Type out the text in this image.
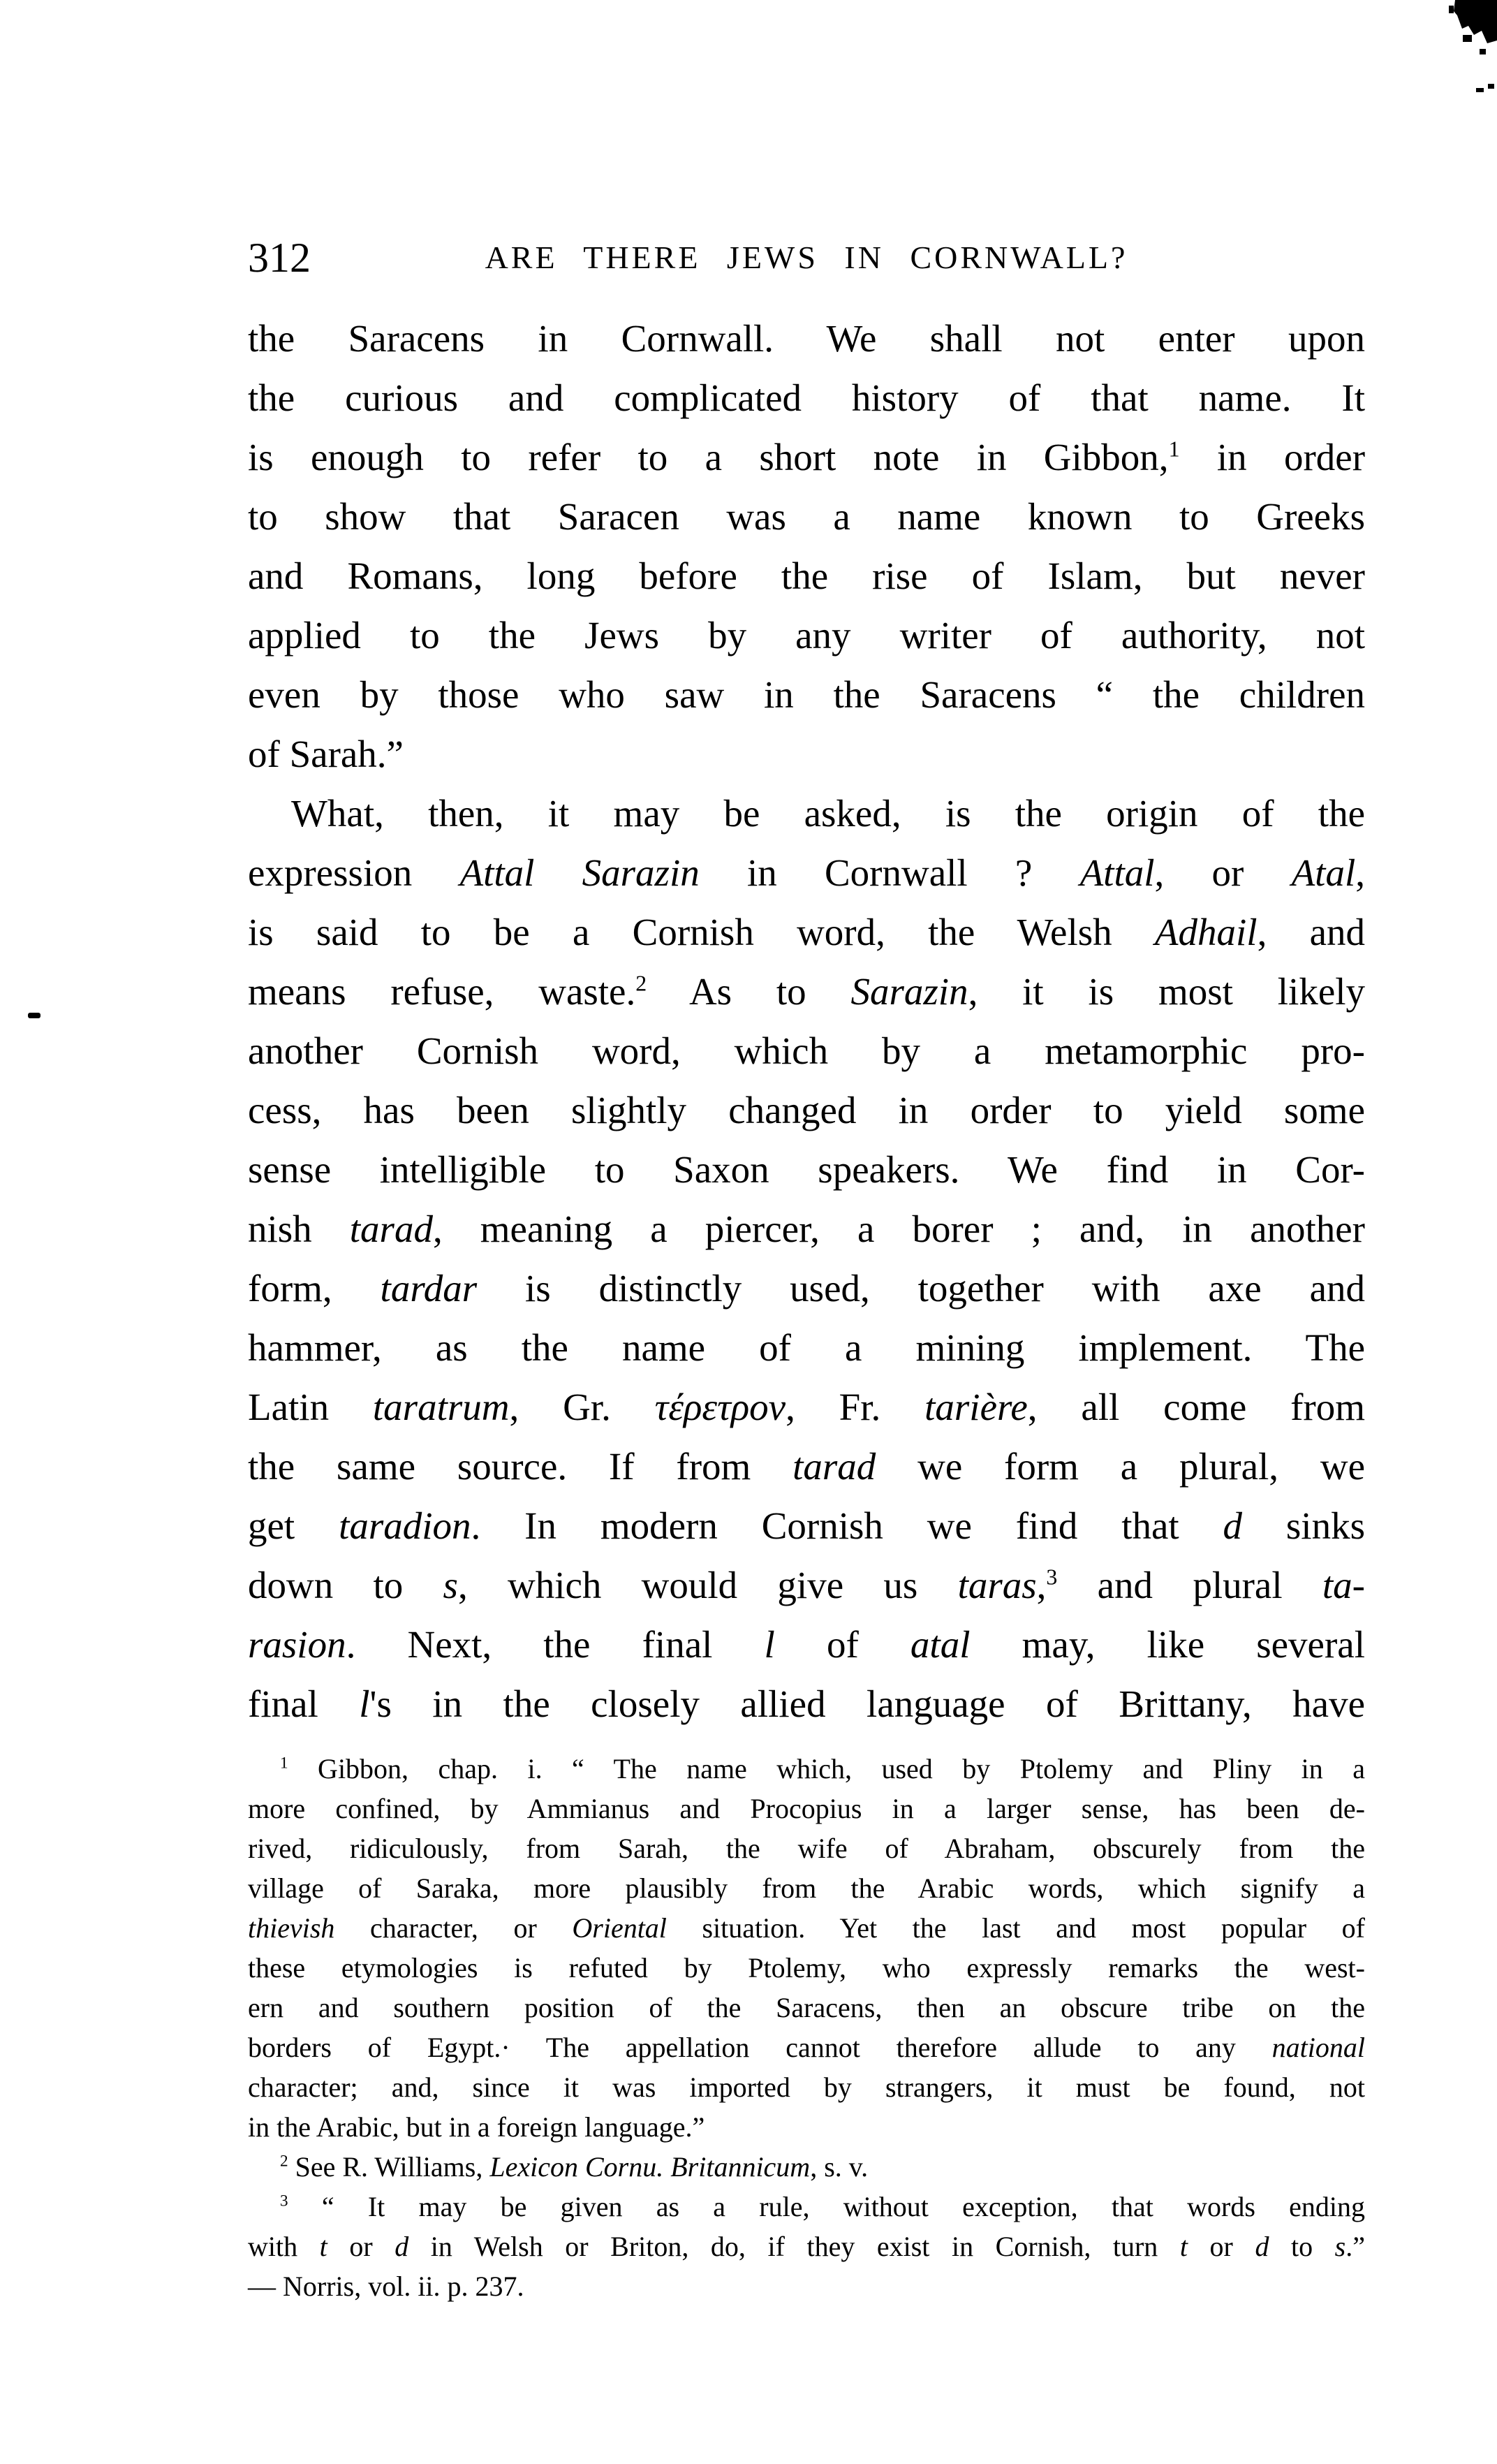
312	ARE THERE JEWS IN CORNWALL?
the Saracens in Cornwall. We shall not enter upon
the curious and complicated history of that name. It
is enough to refer to a short note in Gibbon,$^1$ in order
to show that Saracen was a name known to Greeks
and Romans, long before the rise of Islam, but never
applied to the Jews by any writer of authority, not
even by those who saw in the Saracens “ the children
of Sarah.”
What, then, it may be asked, is the origin of the
expression Attal Sarazin in Cornwall ? Attal, or Atal,
is said to be a Cornish word, the Welsh Adhail, and
means refuse, waste.$^2$ As to Sarazin, it is most likely
another Cornish word, which by a metamorphic pro-
cess, has been slightly changed in order to yield some
sense intelligible to Saxon speakers. We find in Cor-
nish tarad, meaning a piercer, a borer ; and, in another
form, tardar is distinctly used, together with axe and
hammer, as the name of a mining implement. The
Latin taratrum, Gr. τέρετρον, Fr. tarière, all come from
the same source. If from tarad we form a plural, we
get taradion. In modern Cornish we find that d sinks
down to s, which would give us taras,$^3$ and plural ta-
rasion. Next, the final l of atal may, like several
final l's in the closely allied language of Brittany, have
$^1$ Gibbon, chap. i. “ The name which, used by Ptolemy and Pliny in a
more confined, by Ammianus and Procopius in a larger sense, has been de-
rived, ridiculously, from Sarah, the wife of Abraham, obscurely from the
village of Saraka, more plausibly from the Arabic words, which signify a
thievish character, or Oriental situation. Yet the last and most popular of
these etymologies is refuted by Ptolemy, who expressly remarks the west-
ern and southern position of the Saracens, then an obscure tribe on the
borders of Egypt.· The appellation cannot therefore allude to any national
character; and, since it was imported by strangers, it must be found, not
in the Arabic, but in a foreign language.”
$^2$ See R. Williams, Lexicon Cornu. Britannicum, s. v.
$^3$ “ It may be given as a rule, without exception, that words ending
with t or d in Welsh or Briton, do, if they exist in Cornish, turn t or d to s.”
— Norris, vol. ii. p. 237.
